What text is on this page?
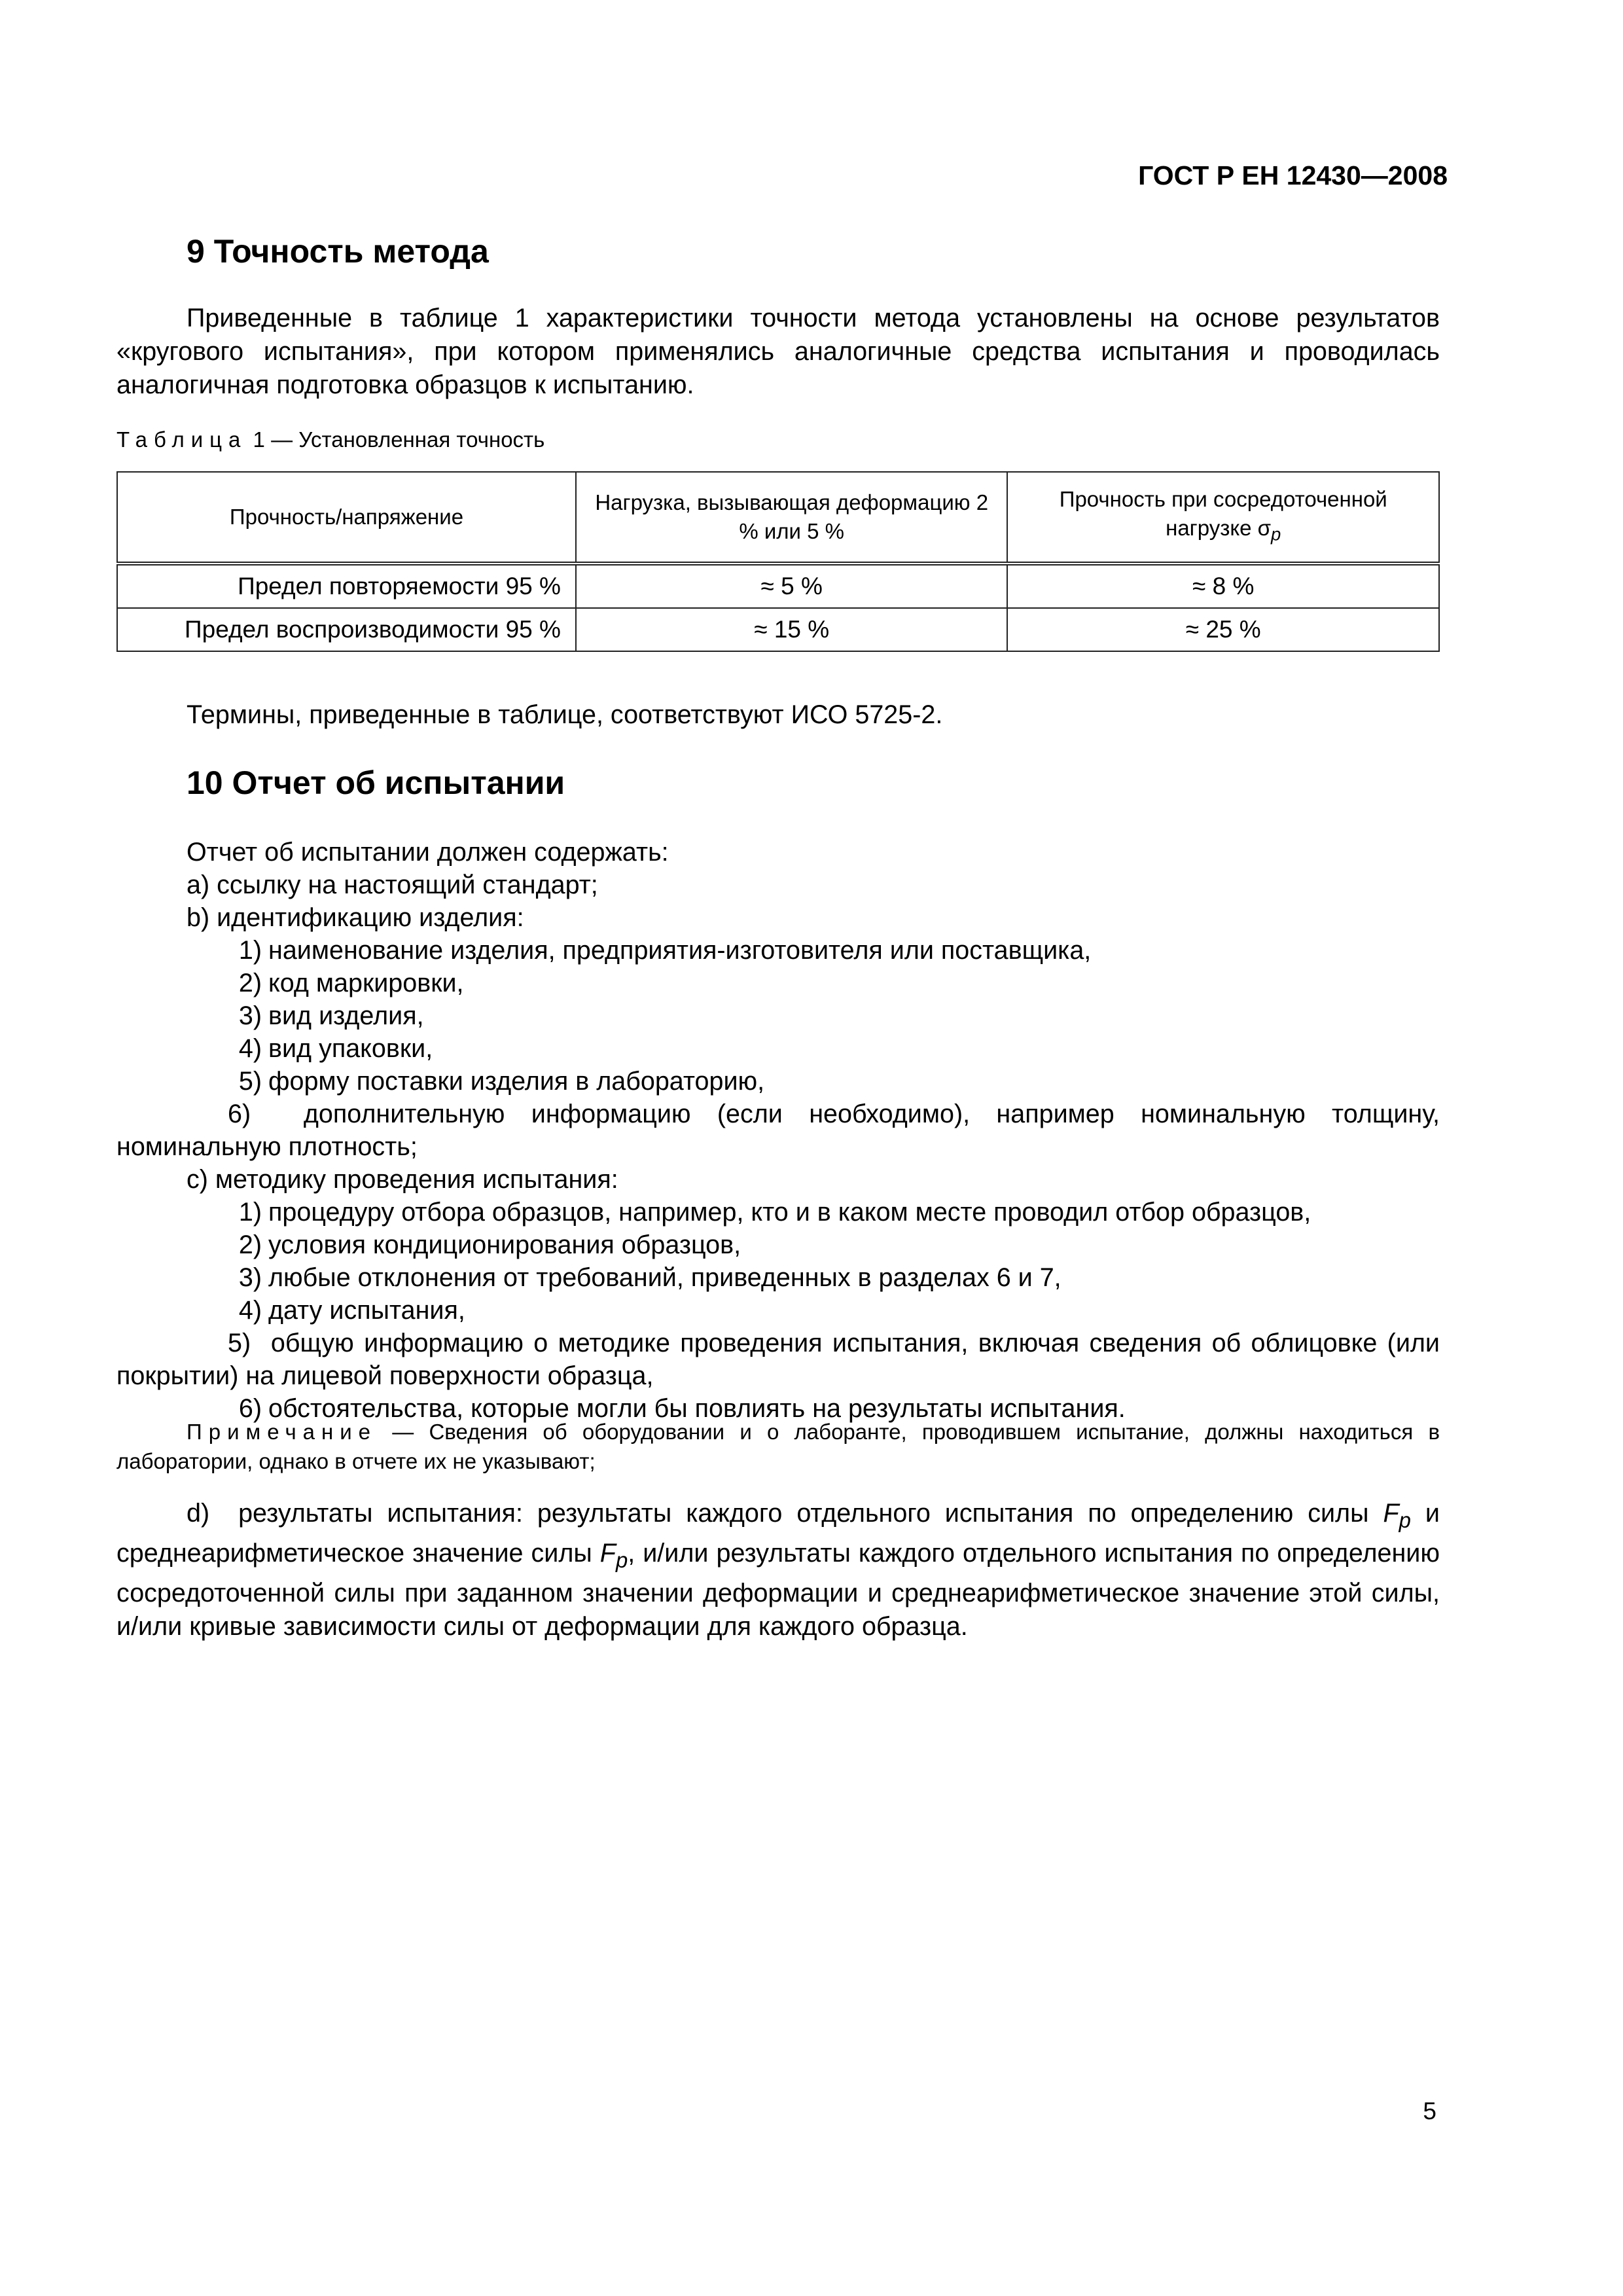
ГОСТ Р ЕН 12430—2008
9 Точность метода

Приведенные в таблице 1 характеристики точности метода установлены на основе результатов «кругового испытания», при котором применялись аналогичные средства испытания и проводилась аналогичная подготовка образцов к испытанию.

Таблица 1 — Установленная точность
Прочность/напряжение	Нагрузка, вызывающая деформацию 2 % или 5 %	Прочность при сосредоточенной нагрузке $\sigma_p$
Предел повторяемости 95 %	≈ 5 %	≈ 8 %
Предел воспроизводимости 95 %	≈ 15 %	≈ 25 %

Термины, приведенные в таблице, соответствуют ИСО 5725-2.

10 Отчет об испытании

Отчет об испытании должен содержать:

a) ссылку на настоящий стандарт;

b) идентификацию изделия:

1) наименование изделия, предприятия-изготовителя или поставщика,

2) код маркировки,

3) вид изделия,

4) вид упаковки,

5) форму поставки изделия в лабораторию,

6) дополнительную информацию (если необходимо), например номинальную толщину, номинальную плотность;

c) методику проведения испытания:

1) процедуру отбора образцов, например, кто и в каком месте проводил отбор образцов,

2) условия кондиционирования образцов,

3) любые отклонения от требований, приведенных в разделах 6 и 7,

4) дату испытания,

5) общую информацию о методике проведения испытания, включая сведения об облицовке (или покрытии) на лицевой поверхности образца,

6) обстоятельства, которые могли бы повлиять на результаты испытания.

Примечание — Сведения об оборудовании и о лаборанте, проводившем испытание, должны находиться в лаборатории, однако в отчете их не указывают;

d) результаты испытания: результаты каждого отдельного испытания по определению силы $F_p$ и среднеарифметическое значение силы $F_p$, и/или результаты каждого отдельного испытания по определению сосредоточенной силы при заданном значении деформации и среднеарифметическое значение этой силы, и/или кривые зависимости силы от деформации для каждого образца.

5
